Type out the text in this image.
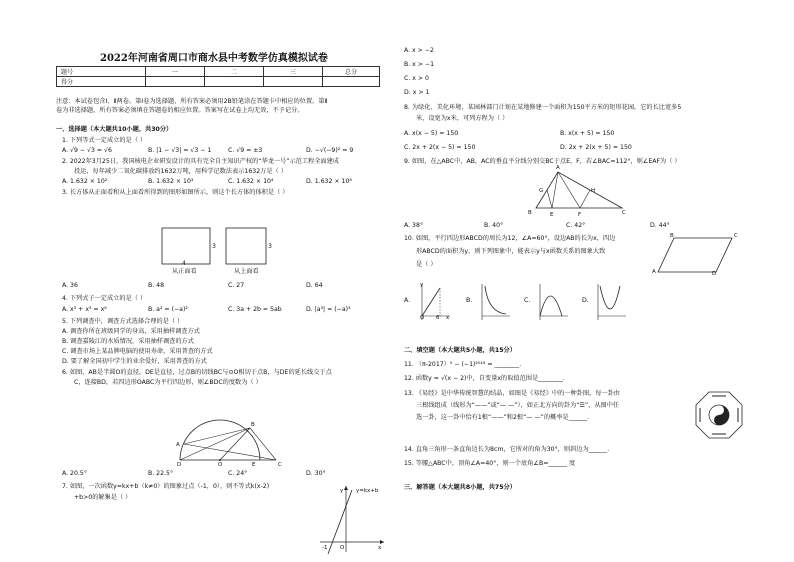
2022年河南省周口市商水县中考数学仿真模拟试卷
题号	一	二	三	总分
得分				
注意：本试卷包含Ⅰ、Ⅱ两卷。第Ⅰ卷为选择题，所有答案必须用2B铅笔涂在答题卡中相应的位置。第Ⅱ
卷为非选择题，所有答案必须填在答题卷的相应位置。答案写在试卷上均无效，不予记分。
一、选择题（本大题共10小题，共30分）
1. 下列等式一定成立的是（ ）
A. √9 − √3 = √6	B. |1 − √3| = √3 − 1	C. √9 = ±3	D. −√(−9)² = 9
2. 2022年3月25日，我国核电企业研发设计的具有完全自主知识产权的“华龙一号”示范工程全面建成
投运，每年减少二氧化碳排放约1632万吨，用科学记数法表示1632万是（ ）
A. 1.632 × 10²	B. 1.632 × 10³	C. 1.632 × 10⁴	D. 1.632 × 10⁸
3. 长方体从正面看和从上面看所得到的图形如图所示，则这个长方体的体积是（ ）
4
3	3
从正面看	从上面看
A. 36	B. 48	C. 27	D. 64
4. 下列式子一定成立的是（ ）
A. x³ + x³ = x⁶	B. a² = (−a)²	C. 3a + 2b = 5ab	D. |a³| = (−a)³
5. 下列调查中，调查方式选择合理的是（ ）
A. 调查你所在班级同学的身高，采用抽样调查方式
B. 调查嘉陵江的水质情况，采用抽样调查的方式
C. 调查市场上某品牌电脑的使用寿命，采用普查的方式
D. 要了解全国初中学生的业余爱好，采用普查的方式
6. 如图，AB是半圆O的直径，DE是直径，过点B的切线BC与⊙O相切于点B，与DE的延长线交于点
C，连接BD，若四边形OABC为平行四边形，则∠BDC的度数为（ ）
A
B
C
D	E
O
A. 20.5°	B. 22.5°	C. 24°	D. 30°
7. 如图，一次函数y=kx+b（k≠0）的图象过点（-1，0），则不等式k(x-2)
+b>0的解集是（ ）
y y=kx+b
-1 O	x
A. x > −2
B. x > −1
C. x > 0
D. x > 1
8. 为绿化、美化环境，某园林部门计划在某地修建一个面积为150平方米的矩形花园，它的长比宽多5
米，设宽为x米，可列方程为（ ）
A. x(x − 5) = 150	B. x(x + 5) = 150
C. 2x + 2(x − 5) = 150	D. 2x + 2(x + 5) = 150
9. 如图，在△ABC中，AB，AC的垂直平分线分别交BC于点E，F，若∠BAC=112°，则∠EAF为（ ）
A
G	H
B	E	F	C
A. 38°	B. 40°	C. 42°	D. 44°
10. 如图，平行四边形ABCD的周长为12，∠A=60°，设边AB的长为x，四边
形ABCD的面积为y，则下列图象中，能表示y与x函数关系的图象大致
是（ ）
A
B	C
D
A.	B.	C.	D.
O 6 x
y
二、填空题（本大题共5小题，共15分）
11. （π-2017）⁰ − (−1)²⁰¹⁸ = ________.
12. 函数y = √(x − 2)中，自变量x的取值范围是________.
13. 《易经》是中华传统智慧的结晶，如图是《易经》中的一种卦图，每一卦由
三根线组成（线形为“——”或“— —”），如正北方向的卦为“☰”，从图中任
选一卦，这一卦中恰有1根“——”和2根“— —”的概率是______.
14. 直角三角形一条直角边长为8cm，它所对的角为30°，则斜边为______.
15. 等腰△ABC中，顶角∠A=40°，则一个底角∠B=______ 度
三、解答题（本大题共8小题，共75分）
